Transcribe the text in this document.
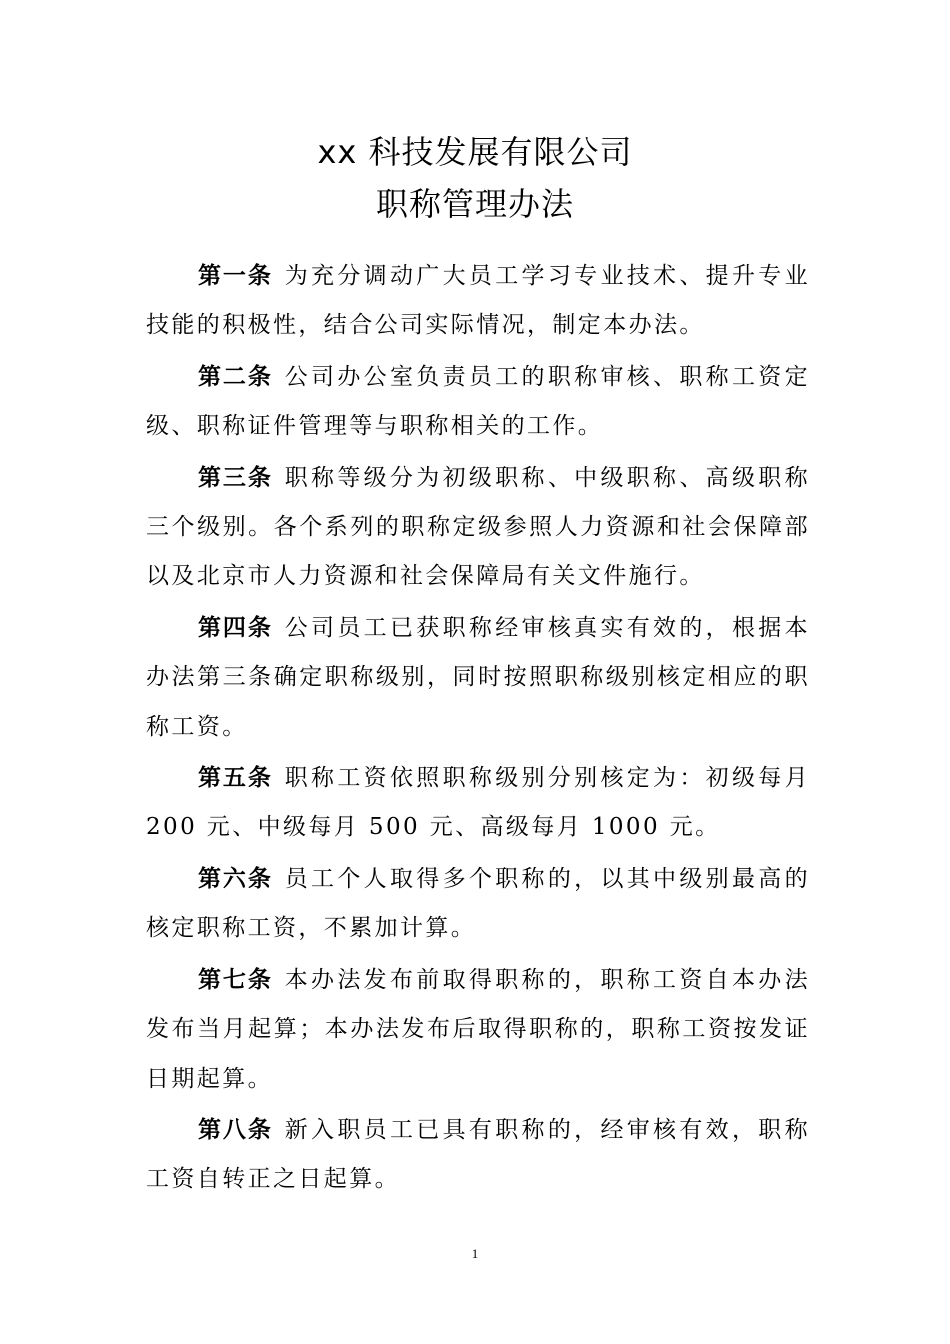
xx 科技发展有限公司

职称管理办法

第一条 为充分调动广大员工学习专业技术、提升专业技能的积极性，结合公司实际情况，制定本办法。

第二条 公司办公室负责员工的职称审核、职称工资定级、职称证件管理等与职称相关的工作。

第三条 职称等级分为初级职称、中级职称、高级职称三个级别。各个系列的职称定级参照人力资源和社会保障部以及北京市人力资源和社会保障局有关文件施行。

第四条 公司员工已获职称经审核真实有效的，根据本办法第三条确定职称级别，同时按照职称级别核定相应的职称工资。

第五条 职称工资依照职称级别分别核定为：初级每月 200 元、中级每月 500 元、高级每月 1000 元。

第六条 员工个人取得多个职称的，以其中级别最高的核定职称工资，不累加计算。

第七条 本办法发布前取得职称的，职称工资自本办法发布当月起算；本办法发布后取得职称的，职称工资按发证日期起算。

第八条 新入职员工已具有职称的，经审核有效，职称工资自转正之日起算。

1
